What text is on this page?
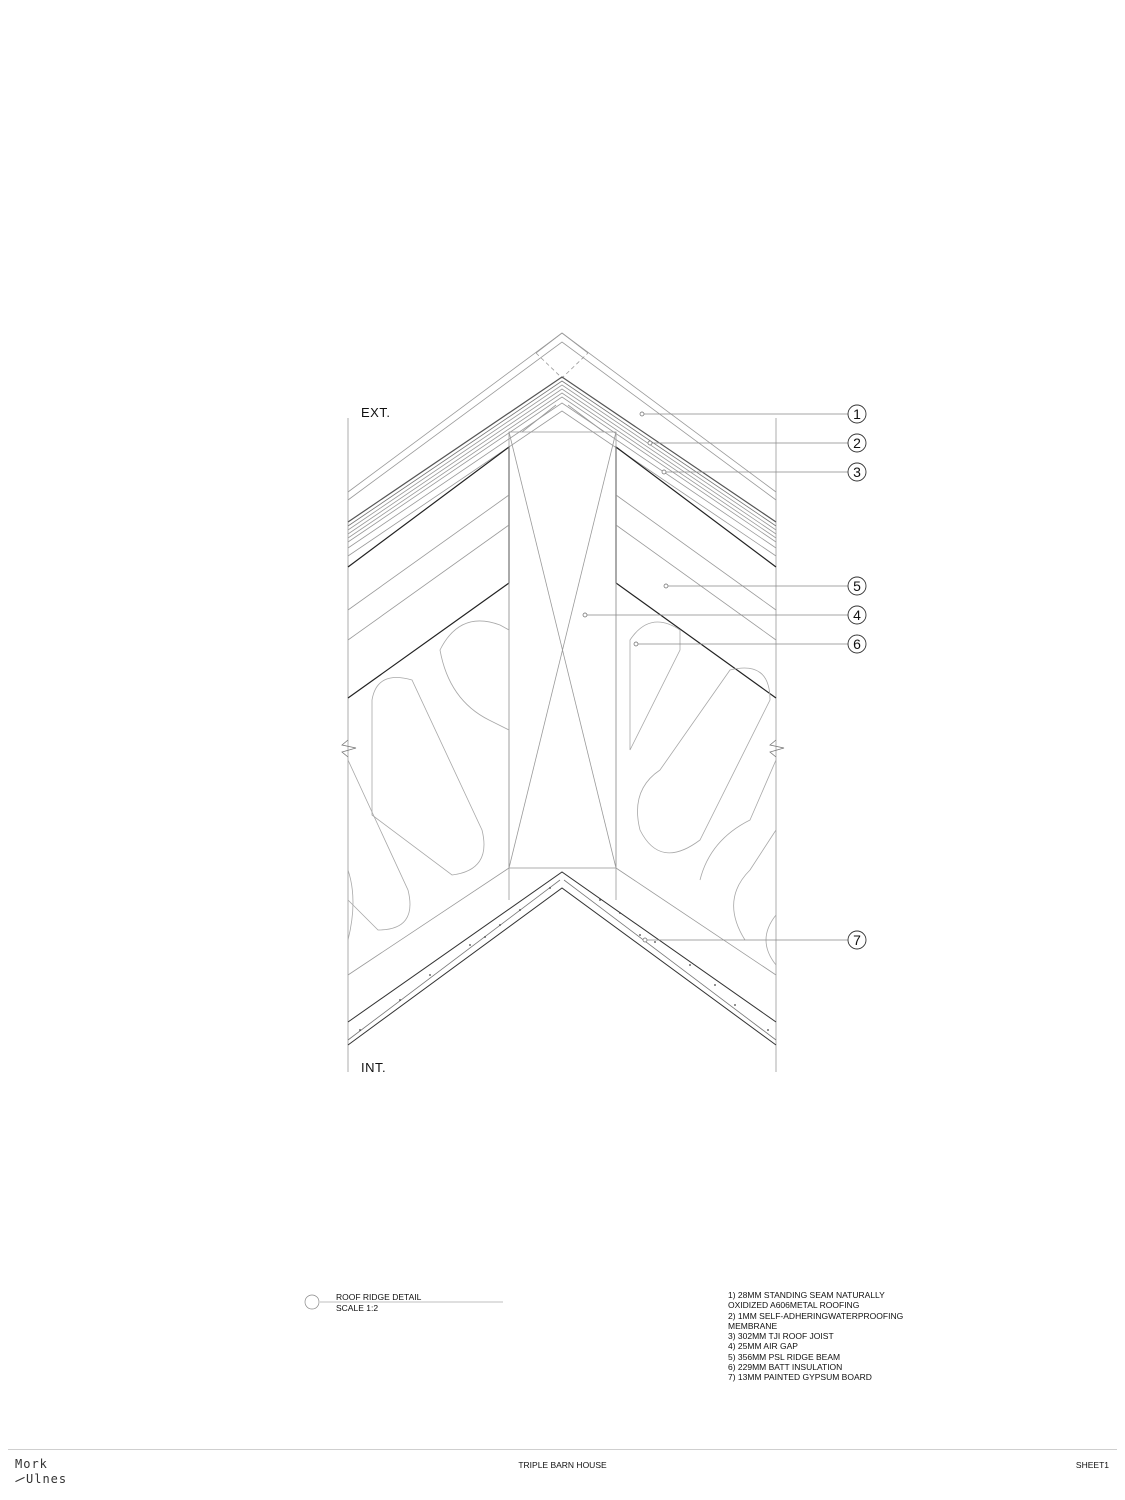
1
2
3
5
4
6
7
EXT.
INT.
ROOF RIDGE DETAIL
SCALE 1:2
1) 28MM STANDING SEAM NATURALLY
OXIDIZED A606METAL ROOFING
2) 1MM SELF-ADHERINGWATERPROOFING
MEMBRANE
3) 302MM TJI ROOF JOIST
4) 25MM AIR GAP
5) 356MM PSL RIDGE BEAM
6) 229MM BATT INSULATION
7) 13MM PAINTED GYPSUM BOARD
Mork
Ulnes
TRIPLE BARN HOUSE	SHEET1
